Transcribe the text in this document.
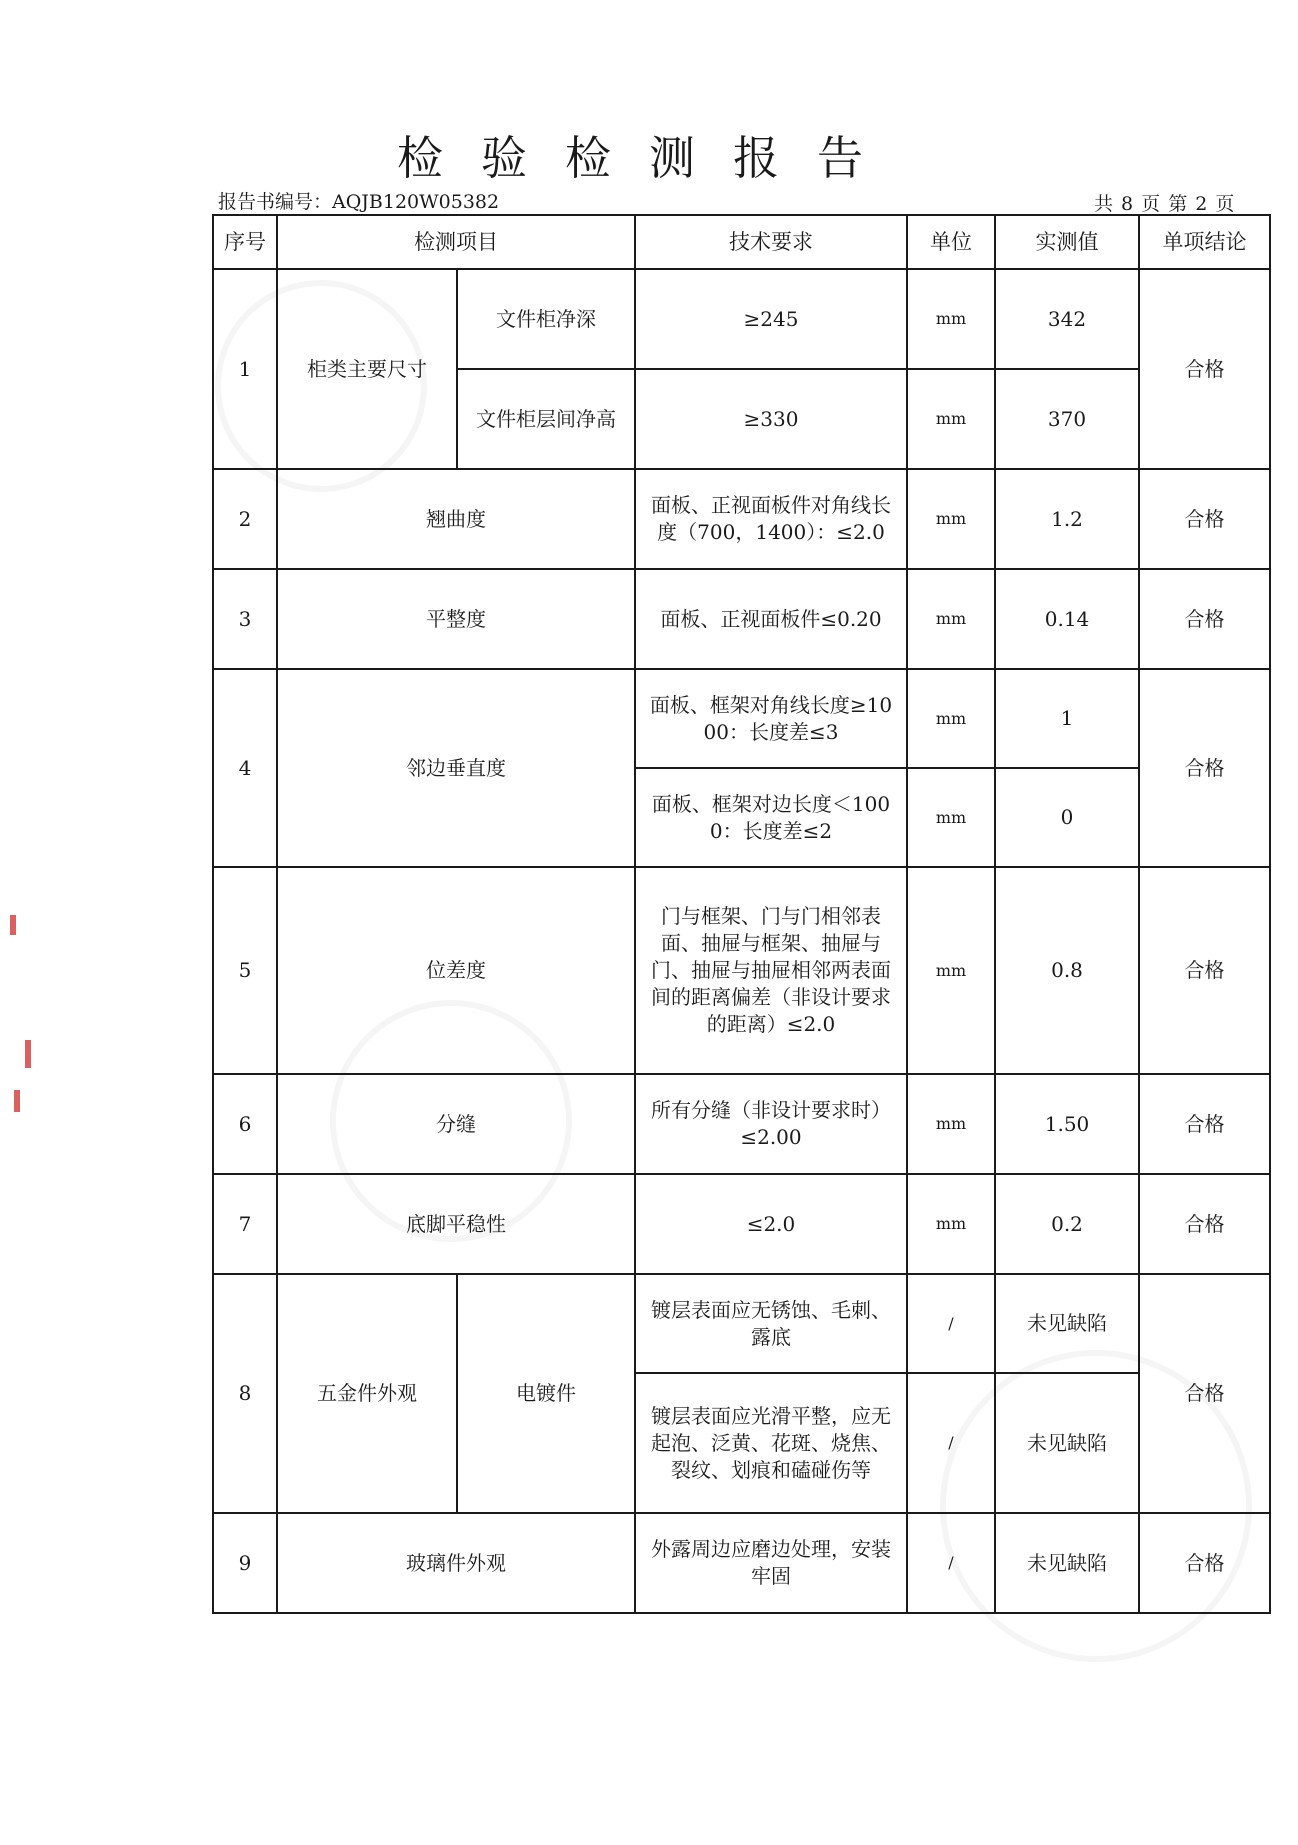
检验检测报告
报告书编号：AQJB120W05382	共 8 页 第 2 页
序号	检测项目		技术要求	单位	实测值	单项结论
1	柜类主要尺寸	文件柜净深	≥245	mm	342	合格
		文件柜层间净高	≥330	mm	370	
2	翘曲度		面板、正视面板件对角线长度（700，1400）：≤2.0	mm	1.2	合格
3	平整度		面板、正视面板件≤0.20	mm	0.14	合格
4	邻边垂直度		面板、框架对角线长度≥1000：长度差≤3	mm	1	合格
			面板、框架对边长度＜1000：长度差≤2	mm	0	
5	位差度		门与框架、门与门相邻表面、抽屉与框架、抽屉与门、抽屉与抽屉相邻两表面间的距离偏差（非设计要求的距离）≤2.0	mm	0.8	合格
6	分缝		所有分缝（非设计要求时）≤2.00	mm	1.50	合格
7	底脚平稳性		≤2.0	mm	0.2	合格
8	五金件外观	电镀件	镀层表面应无锈蚀、毛刺、露底	/	未见缺陷	合格
			镀层表面应光滑平整，应无起泡、泛黄、花斑、烧焦、裂纹、划痕和磕碰伤等	/	未见缺陷	
9	玻璃件外观		外露周边应磨边处理，安装牢固	/	未见缺陷	合格
